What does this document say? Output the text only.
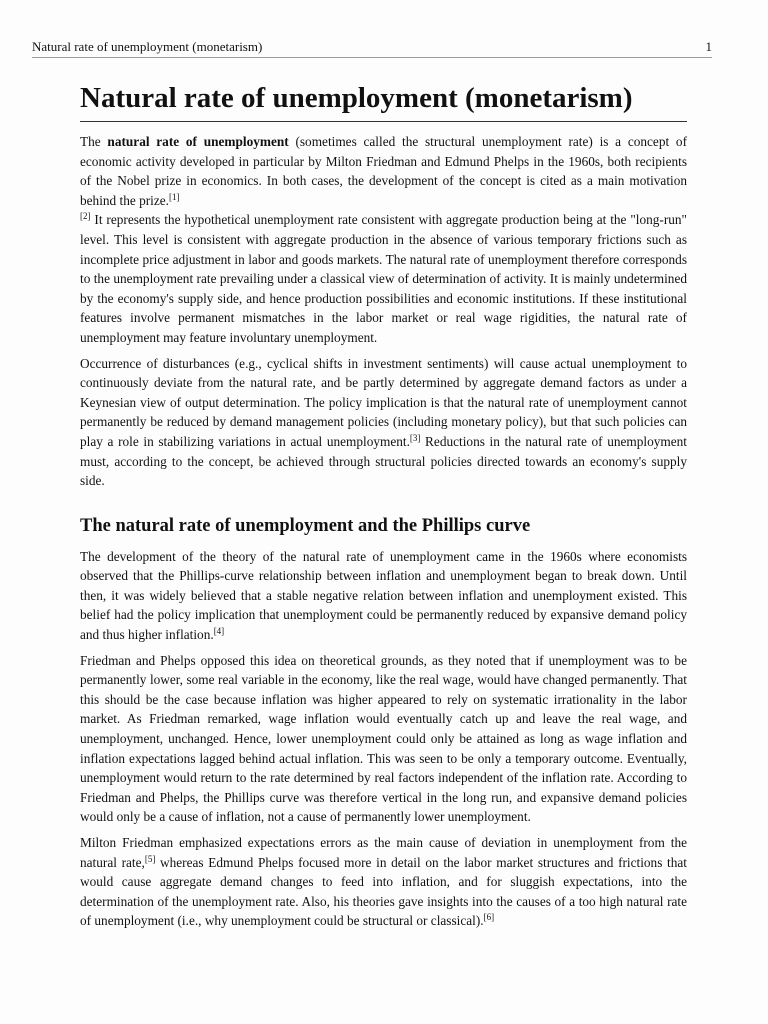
Natural rate of unemployment (monetarism)	1
Natural rate of unemployment (monetarism)

The natural rate of unemployment (sometimes called the structural unemployment rate) is a concept of economic activity developed in particular by Milton Friedman and Edmund Phelps in the 1960s, both recipients of the Nobel prize in economics. In both cases, the development of the concept is cited as a main motivation behind the prize.[1]
[2] It represents the hypothetical unemployment rate consistent with aggregate production being at the "long-run" level. This level is consistent with aggregate production in the absence of various temporary frictions such as incomplete price adjustment in labor and goods markets. The natural rate of unemployment therefore corresponds to the unemployment rate prevailing under a classical view of determination of activity. It is mainly undetermined by the economy's supply side, and hence production possibilities and economic institutions. If these institutional features involve permanent mismatches in the labor market or real wage rigidities, the natural rate of unemployment may feature involuntary unemployment.

Occurrence of disturbances (e.g., cyclical shifts in investment sentiments) will cause actual unemployment to continuously deviate from the natural rate, and be partly determined by aggregate demand factors as under a Keynesian view of output determination. The policy implication is that the natural rate of unemployment cannot permanently be reduced by demand management policies (including monetary policy), but that such policies can play a role in stabilizing variations in actual unemployment.[3] Reductions in the natural rate of unemployment must, according to the concept, be achieved through structural policies directed towards an economy's supply side.

The natural rate of unemployment and the Phillips curve

The development of the theory of the natural rate of unemployment came in the 1960s where economists observed that the Phillips-curve relationship between inflation and unemployment began to break down. Until then, it was widely believed that a stable negative relation between inflation and unemployment existed. This belief had the policy implication that unemployment could be permanently reduced by expansive demand policy and thus higher inflation.[4]

Friedman and Phelps opposed this idea on theoretical grounds, as they noted that if unemployment was to be permanently lower, some real variable in the economy, like the real wage, would have changed permanently. That this should be the case because inflation was higher appeared to rely on systematic irrationality in the labor market. As Friedman remarked, wage inflation would eventually catch up and leave the real wage, and unemployment, unchanged. Hence, lower unemployment could only be attained as long as wage inflation and inflation expectations lagged behind actual inflation. This was seen to be only a temporary outcome. Eventually, unemployment would return to the rate determined by real factors independent of the inflation rate. According to Friedman and Phelps, the Phillips curve was therefore vertical in the long run, and expansive demand policies would only be a cause of inflation, not a cause of permanently lower unemployment.

Milton Friedman emphasized expectations errors as the main cause of deviation in unemployment from the natural rate,[5] whereas Edmund Phelps focused more in detail on the labor market structures and frictions that would cause aggregate demand changes to feed into inflation, and for sluggish expectations, into the determination of the unemployment rate. Also, his theories gave insights into the causes of a too high natural rate of unemployment (i.e., why unemployment could be structural or classical).[6]
